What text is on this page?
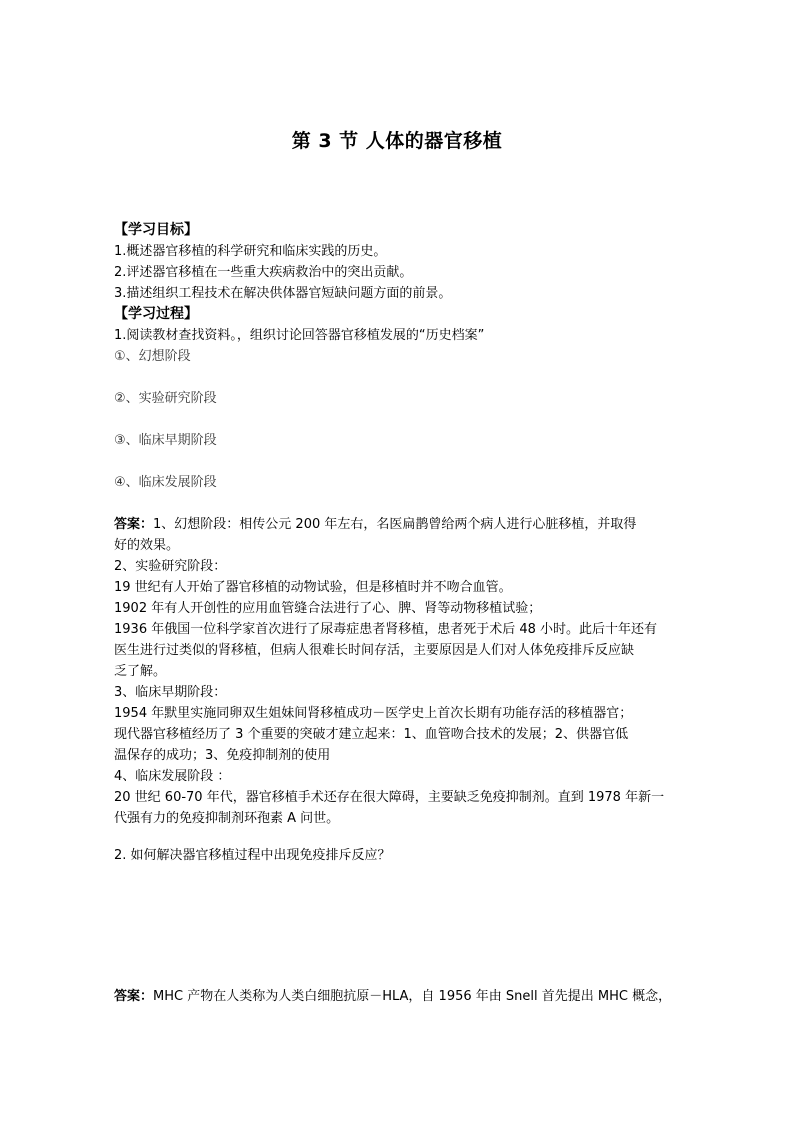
第 3 节 人体的器官移植
【学习目标】
1.概述器官移植的科学研究和临床实践的历史。
2.评述器官移植在一些重大疾病救治中的突出贡献。
3.描述组织工程技术在解决供体器官短缺问题方面的前景。
【学习过程】
1.阅读教材查找资料。，组织讨论回答器官移植发展的“历史档案”
①、幻想阶段
②、实验研究阶段
③、临床早期阶段
④、临床发展阶段
答案：1、幻想阶段：相传公元 200 年左右，名医扁鹊曾给两个病人进行心脏移植，并取得
好的效果。
2、实验研究阶段：
19 世纪有人开始了器官移植的动物试验，但是移植时并不吻合血管。
1902 年有人开创性的应用血管缝合法进行了心、脾、肾等动物移植试验；
1936 年俄国一位科学家首次进行了尿毒症患者肾移植，患者死于术后 48 小时。此后十年还有
医生进行过类似的肾移植，但病人很难长时间存活，主要原因是人们对人体免疫排斥反应缺
乏了解。
3、临床早期阶段：
1954 年默里实施同卵双生姐妹间肾移植成功－医学史上首次长期有功能存活的移植器官；
现代器官移植经历了 3 个重要的突破才建立起来：1、血管吻合技术的发展；2、供器官低
温保存的成功；3、免疫抑制剂的使用
4、临床发展阶段 ：
20 世纪 60-70 年代，器官移植手术还存在很大障碍，主要缺乏免疫抑制剂。直到 1978 年新一
代强有力的免疫抑制剂环孢素 A 问世。
2. 如何解决器官移植过程中出现免疫排斥反应？
答案：MHC 产物在人类称为人类白细胞抗原－HLA，自 1956 年由 Snell 首先提出 MHC 概念，
